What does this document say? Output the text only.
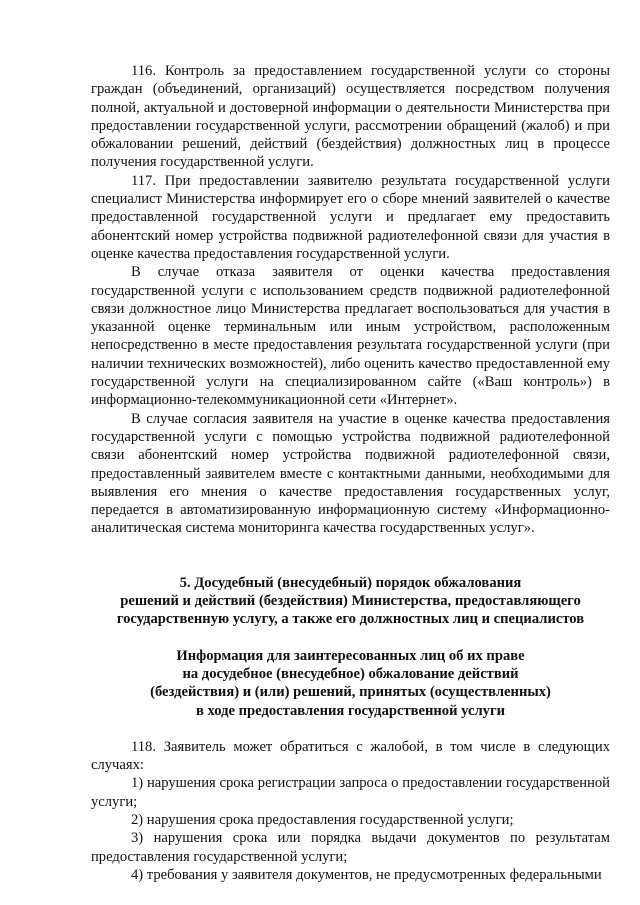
116. Контроль за предоставлением государственной услуги со стороны граждан (объединений, организаций) осуществляется посредством получения полной, актуальной и достоверной информации о деятельности Министерства при предоставлении государственной услуги, рассмотрении обращений (жалоб) и при обжаловании решений, действий (бездействия) должностных лиц в процессе получения государственной услуги.

117. При предоставлении заявителю результата государственной услуги специалист Министерства информирует его о сборе мнений заявителей о качестве предоставленной государственной услуги и предлагает ему предоставить абонентский номер устройства подвижной радиотелефонной связи для участия в оценке качества предоставления государственной услуги.

В случае отказа заявителя от оценки качества предоставления государственной услуги с использованием средств подвижной радиотелефонной связи должностное лицо Министерства предлагает воспользоваться для участия в указанной оценке терминальным или иным устройством, расположенным непосредственно в месте предоставления результата государственной услуги (при наличии технических возможностей), либо оценить качество предоставленной ему государственной услуги на специализированном сайте («Ваш контроль») в информационно-телекоммуникационной сети «Интернет».

В случае согласия заявителя на участие в оценке качества предоставления государственной услуги с помощью устройства подвижной радиотелефонной связи абонентский номер устройства подвижной радиотелефонной связи, предоставленный заявителем вместе с контактными данными, необходимыми для выявления его мнения о качестве предоставления государственных услуг, передается в автоматизированную информационную систему «Информационно-аналитическая система мониторинга качества государственных услуг».

5. Досудебный (внесудебный) порядок обжалования
решений и действий (бездействия) Министерства, предоставляющего
государственную услугу, а также его должностных лиц и специалистов
Информация для заинтересованных лиц об их праве
на досудебное (внесудебное) обжалование действий
(бездействия) и (или) решений, принятых (осуществленных)
в ходе предоставления государственной услуги

118. Заявитель может обратиться с жалобой, в том числе в следующих случаях:

1) нарушения срока регистрации запроса о предоставлении государственной услуги;

2) нарушения срока предоставления государственной услуги;

3) нарушения срока или порядка выдачи документов по результатам предоставления государственной услуги;

4) требования у заявителя документов, не предусмотренных федеральными
